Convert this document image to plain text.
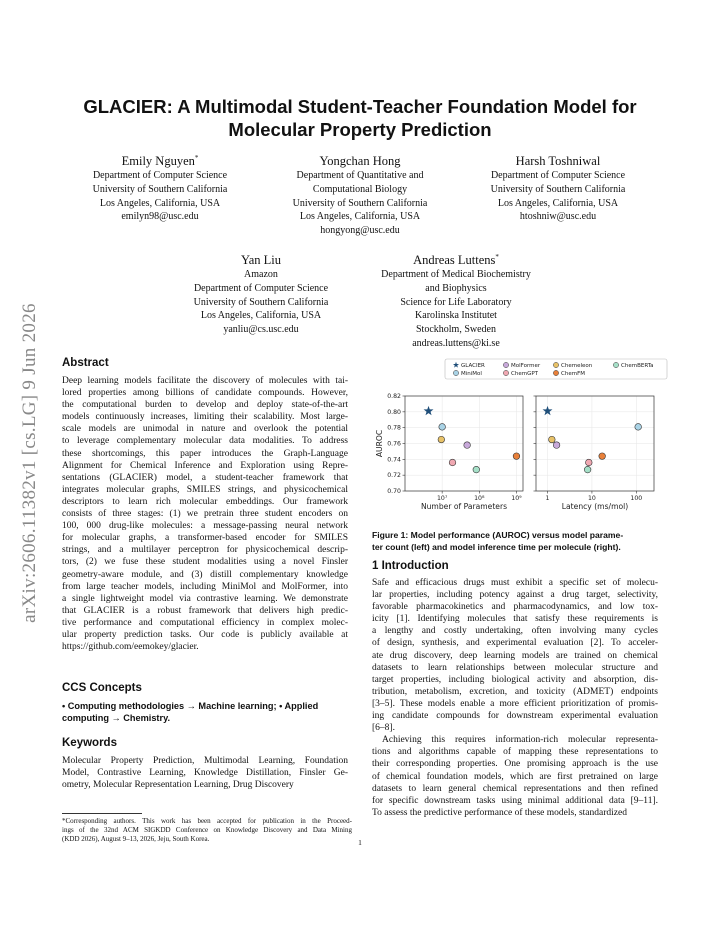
arXiv:2606.11382v1 [cs.LG] 9 Jun 2026
GLACIER: A Multimodal Student-Teacher Foundation Model for
Molecular Property Prediction
Emily Nguyen*
Department of Computer Science
University of Southern California
Los Angeles, California, USA
emilyn98@usc.edu
Yongchan Hong
Department of Quantitative and
Computational Biology
University of Southern California
Los Angeles, California, USA
hongyong@usc.edu
Harsh Toshniwal
Department of Computer Science
University of Southern California
Los Angeles, California, USA
htoshniw@usc.edu
Yan Liu
Amazon
Department of Computer Science
University of Southern California
Los Angeles, California, USA
yanliu@cs.usc.edu
Andreas Luttens*
Department of Medical Biochemistry
and Biophysics
Science for Life Laboratory
Karolinska Institutet
Stockholm, Sweden
andreas.luttens@ki.se
Abstract
Deep learning models facilitate the discovery of molecules with tai-
lored properties among billions of candidate compounds. However,
the computational burden to develop and deploy state-of-the-art
models continuously increases, limiting their scalability. Most large-
scale models are unimodal in nature and overlook the potential
to leverage complementary molecular data modalities. To address
these shortcomings, this paper introduces the Graph-Language
Alignment for Chemical Inference and Exploration using Repre-
sentations (GLACIER) model, a student-teacher framework that
integrates molecular graphs, SMILES strings, and physicochemical
descriptors to learn rich molecular embeddings. Our framework
consists of three stages: (1) we pretrain three student encoders on
100, 000 drug-like molecules: a message-passing neural network
for molecular graphs, a transformer-based encoder for SMILES
strings, and a multilayer perceptron for physicochemical descrip-
tors, (2) we fuse these student modalities using a novel Finsler
geometry-aware module, and (3) distill complementary knowledge
from large teacher models, including MiniMol and MolFormer, into
a single lightweight model via contrastive learning. We demonstrate
that GLACIER is a robust framework that delivers high predic-
tive performance and computational efficiency in complex molec-
ular property prediction tasks. Our code is publicly available at
https://github.com/eemokey/glacier.
CCS Concepts
• Computing methodologies → Machine learning; • Applied
computing → Chemistry.
Keywords
Molecular Property Prediction, Multimodal Learning, Foundation
Model, Contrastive Learning, Knowledge Distillation, Finsler Ge-
ometry, Molecular Representation Learning, Drug Discovery
*Corresponding authors. This work has been accepted for publication in the Proceed-
ings of the 32nd ACM SIGKDD Conference on Knowledge Discovery and Data Mining
(KDD 2026), August 9–13, 2026, Jeju, South Korea.
GLACIER	MolFormer	Chemeleon	ChemBERTa
MiniMol	ChemGPT	ChemFM
10⁷	10⁸	10⁹
0.70
0.72
0.74
0.76
0.78
0.80
0.82
Number of Parameters
AUROC
1	10	100
Latency (ms/mol)
Figure 1: Model performance (AUROC) versus model parame-
ter count (left) and model inference time per molecule (right).
1 Introduction
Safe and efficacious drugs must exhibit a specific set of molecu-
lar properties, including potency against a drug target, selectivity,
favorable pharmacokinetics and pharmacodynamics, and low tox-
icity [1]. Identifying molecules that satisfy these requirements is
a lengthy and costly undertaking, often involving many cycles
of design, synthesis, and experimental evaluation [2]. To acceler-
ate drug discovery, deep learning models are trained on chemical
datasets to learn relationships between molecular structure and
target properties, including biological activity and absorption, dis-
tribution, metabolism, excretion, and toxicity (ADMET) endpoints
[3–5]. These models enable a more efficient prioritization of promis-
ing candidate compounds for downstream experimental evaluation
[6–8].
Achieving this requires information-rich molecular representa-
tions and algorithms capable of mapping these representations to
their corresponding properties. One promising approach is the use
of chemical foundation models, which are first pretrained on large
datasets to learn general chemical representations and then refined
for specific downstream tasks using minimal additional data [9–11].
To assess the predictive performance of these models, standardized
1
